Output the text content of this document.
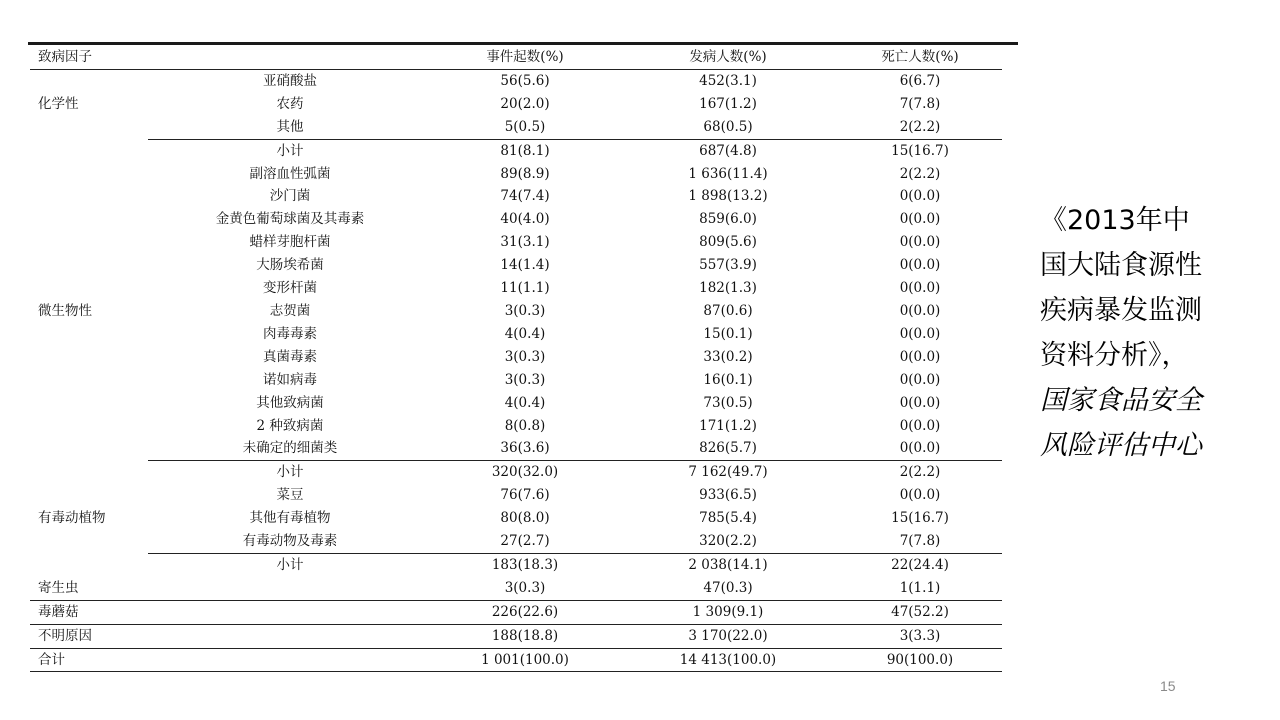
致病因子		事件起数(%)	发病人数(%)	死亡人数(%)
化学性	亚硝酸盐	56(5.6)	452(3.1)	6(6.7)
	农药	20(2.0)	167(1.2)	7(7.8)
	其他	5(0.5)	68(0.5)	2(2.2)
	小计	81(8.1)	687(4.8)	15(16.7)
微生物性	副溶血性弧菌	89(8.9)	1 636(11.4)	2(2.2)
	沙门菌	74(7.4)	1 898(13.2)	0(0.0)
	金黄色葡萄球菌及其毒素	40(4.0)	859(6.0)	0(0.0)
	蜡样芽胞杆菌	31(3.1)	809(5.6)	0(0.0)
	大肠埃希菌	14(1.4)	557(3.9)	0(0.0)
	变形杆菌	11(1.1)	182(1.3)	0(0.0)
	志贺菌	3(0.3)	87(0.6)	0(0.0)
	肉毒毒素	4(0.4)	15(0.1)	0(0.0)
	真菌毒素	3(0.3)	33(0.2)	0(0.0)
	诺如病毒	3(0.3)	16(0.1)	0(0.0)
	其他致病菌	4(0.4)	73(0.5)	0(0.0)
	2 种致病菌	8(0.8)	171(1.2)	0(0.0)
	未确定的细菌类	36(3.6)	826(5.7)	0(0.0)
	小计	320(32.0)	7 162(49.7)	2(2.2)
有毒动植物	菜豆	76(7.6)	933(6.5)	0(0.0)
	其他有毒植物	80(8.0)	785(5.4)	15(16.7)
	有毒动物及毒素	27(2.7)	320(2.2)	7(7.8)
	小计	183(18.3)	2 038(14.1)	22(24.4)
寄生虫		3(0.3)	47(0.3)	1(1.1)
毒蘑菇		226(22.6)	1 309(9.1)	47(52.2)
不明原因		188(18.8)	3 170(22.0)	3(3.3)
合计		1 001(100.0)	14 413(100.0)	90(100.0)
《2013年中
国大陆食源性
疾病暴发监测
资料分析》，
国家食品安全
风险评估中心
15
